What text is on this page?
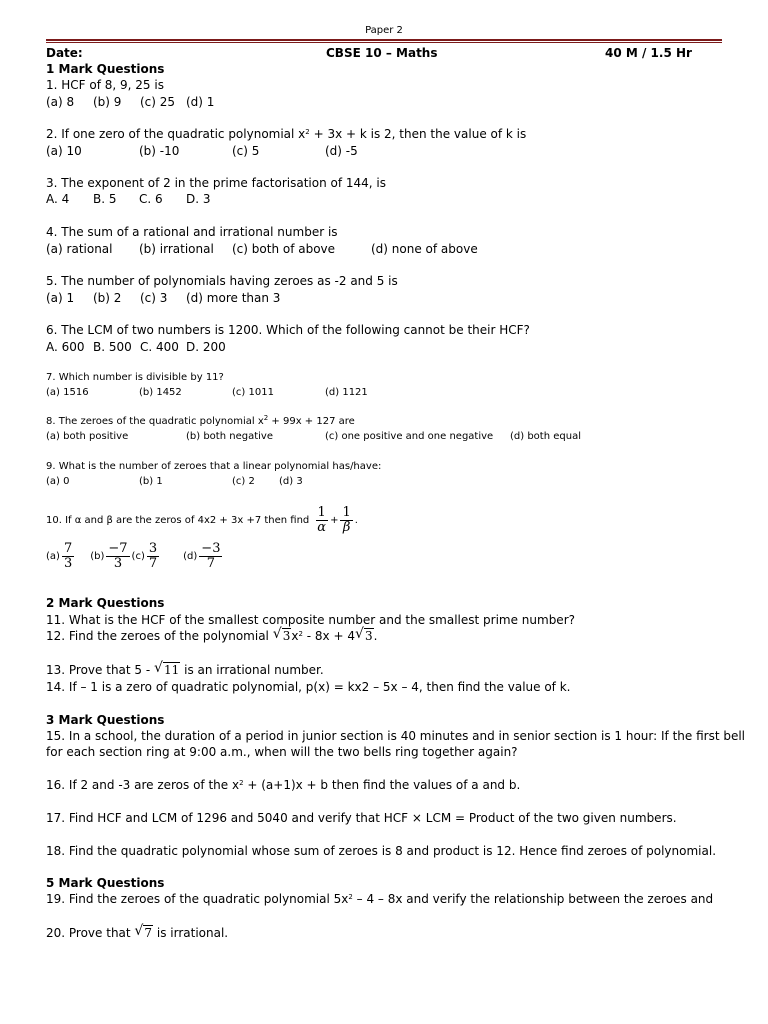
Paper 2
Date:	CBSE 10 – Maths	40 M / 1.5 Hr
1 Mark Questions
1. HCF of 8, 9, 25 is
(a) 8 (b) 9 (c) 25 (d) 1
2. If one zero of the quadratic polynomial $x^2 + 3x + k$ is 2, then the value of k is
(a) 10	(b) -10	(c) 5	(d) -5
3. The exponent of 2 in the prime factorisation of 144, is
A. 4 B. 5 C. 6 D. 3
4. The sum of a rational and irrational number is
(a) rational (b) irrational (c) both of above	(d) none of above
5. The number of polynomials having zeroes as -2 and 5 is
(a) 1 (b) 2 (c) 3 (d) more than 3
6. The LCM of two numbers is 1200. Which of the following cannot be their HCF?
A. 600 B. 500 C. 400 D. 200
7. Which number is divisible by 11?
(a) 1516	(b) 1452	(c) 1011	(d) 1121
8. The zeroes of the quadratic polynomial $x^2 + 99x + 127$ are
(a) both positive	(b) both negative	(c) one positive and one negative (d) both equal
9. What is the number of zeroes that a linear polynomial has/have:
(a) 0	(b) 1	(c) 2 (d) 3
10. If α and β are the zeros of 4x2 + 3x +7 then find $\frac{1}{\alpha} + \frac{1}{\beta}$ .
$(a) \frac{7}{3} (b) \frac{-7}{3} (c) \frac{3}{7} (d) \frac{-3}{7}$
2 Mark Questions
11. What is the HCF of the smallest composite number and the smallest prime number?
12. Find the zeroes of the polynomial √ $3x^2 - 8x + 4$ √ 3.
13. Prove that 5 - √ 11 is an irrational number.
14. If – 1 is a zero of quadratic polynomial, p(x) = kx2 – 5x – 4, then find the value of k.
3 Mark Questions
15. In a school, the duration of a period in junior section is 40 minutes and in senior section is 1 hour: If the first bell
for each section ring at 9:00 a.m., when will the two bells ring together again?
16. If 2 and -3 are zeros of the $x^2 + (a+1)x + b$ then find the values of a and b.
17. Find HCF and LCM of 1296 and 5040 and verify that HCF × LCM = Product of the two given numbers.
18. Find the quadratic polynomial whose sum of zeroes is 8 and product is 12. Hence find zeroes of polynomial.
5 Mark Questions
19. Find the zeroes of the quadratic polynomial $5x^2 - 4 - 8x$ and verify the relationship between the zeroes and
20. Prove that √ 7 is irrational.
